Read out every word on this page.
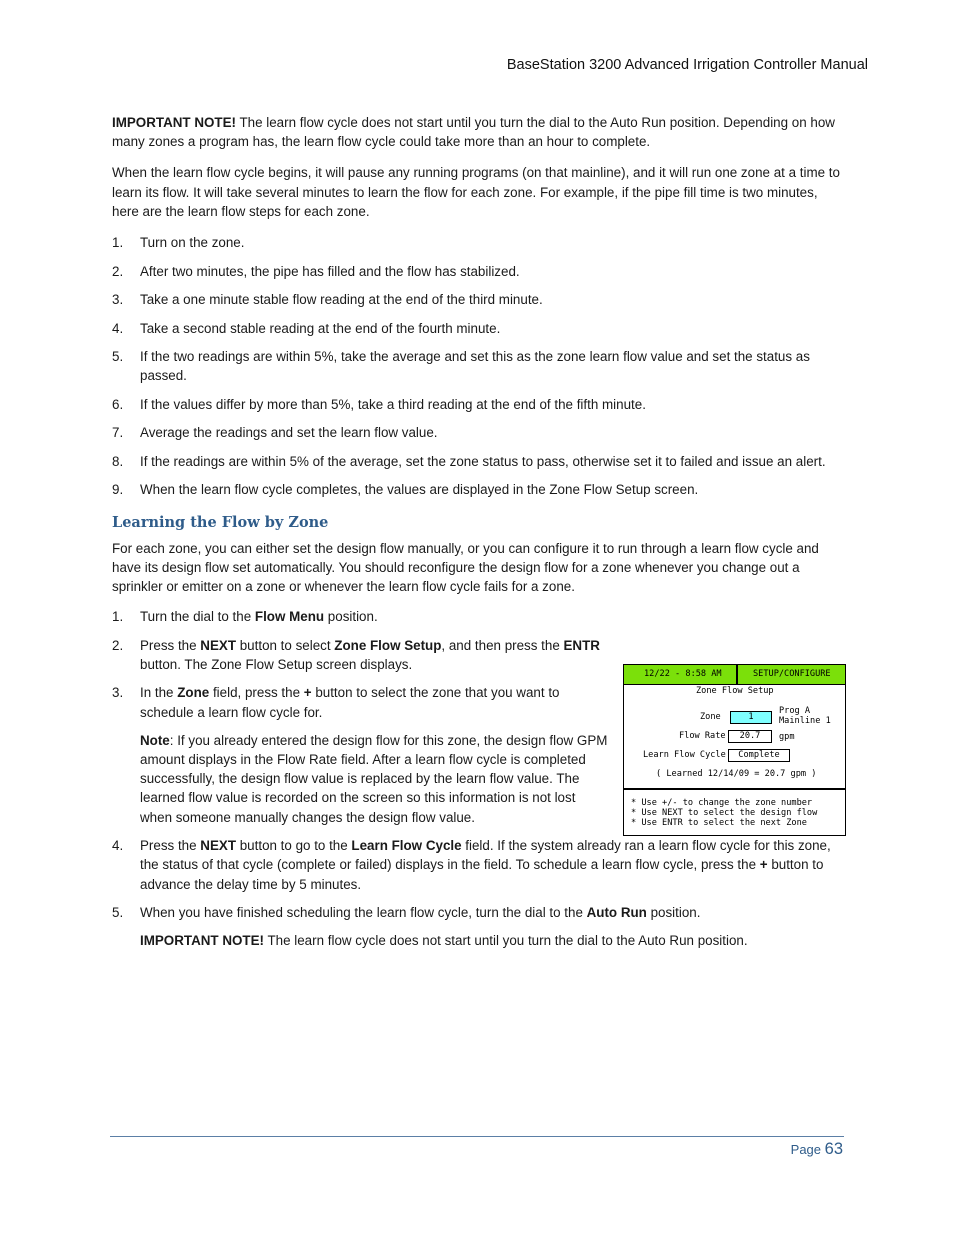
BaseStation 3200 Advanced Irrigation Controller Manual

IMPORTANT NOTE! The learn flow cycle does not start until you turn the dial to the Auto Run position. Depending on how many zones a program has, the learn flow cycle could take more than an hour to complete.

When the learn flow cycle begins, it will pause any running programs (on that mainline), and it will run one zone at a time to learn its flow. It will take several minutes to learn the flow for each zone. For example, if the pipe fill time is two minutes, here are the learn flow steps for each zone.

1. Turn on the zone.
2. After two minutes, the pipe has filled and the flow has stabilized.
3. Take a one minute stable flow reading at the end of the third minute.
4. Take a second stable reading at the end of the fourth minute.
5. If the two readings are within 5%, take the average and set this as the zone learn flow value and set the status as passed.
6. If the values differ by more than 5%, take a third reading at the end of the fifth minute.
7. Average the readings and set the learn flow value.
8. If the readings are within 5% of the average, set the zone status to pass, otherwise set it to failed and issue an alert.
9. When the learn flow cycle completes, the values are displayed in the Zone Flow Setup screen.
Learning the Flow by Zone

For each zone, you can either set the design flow manually, or you can configure it to run through a learn flow cycle and have its design flow set automatically. You should reconfigure the design flow for a zone whenever you change out a sprinkler or emitter on a zone or whenever the learn flow cycle fails for a zone.

1. Turn the dial to the Flow Menu position.
2. Press the NEXT button to select Zone Flow Setup, and then press the ENTR button. The Zone Flow Setup screen displays.
3. In the Zone field, press the + button to select the zone that you want to schedule a learn flow cycle for.

Note: If you already entered the design flow for this zone, the design flow GPM amount displays in the Flow Rate field. After a learn flow cycle is completed successfully, the design flow value is replaced by the learn flow value. The learned flow value is recorded on the screen so this information is not lost when someone manually changes the design flow value.

4. Press the NEXT button to go to the Learn Flow Cycle field. If the system already ran a learn flow cycle for this zone, the status of that cycle (complete or failed) displays in the field. To schedule a learn flow cycle, press the + button to advance the delay time by 5 minutes.
5. When you have finished scheduling the learn flow cycle, turn the dial to the Auto Run position.

IMPORTANT NOTE! The learn flow cycle does not start until you turn the dial to the Auto Run position.

12/22 - 8:58 AM	SETUP/CONFIGURE
Zone Flow Setup
Zone	1
Prog A
Mainline 1
Flow Rate	20.7	gpm
Learn Flow Cycle	Complete
( Learned 12/14/09 = 20.7 gpm )
* Use +/- to change the zone number
* Use NEXT to select the design flow
* Use ENTR to select the next Zone
Page 63
